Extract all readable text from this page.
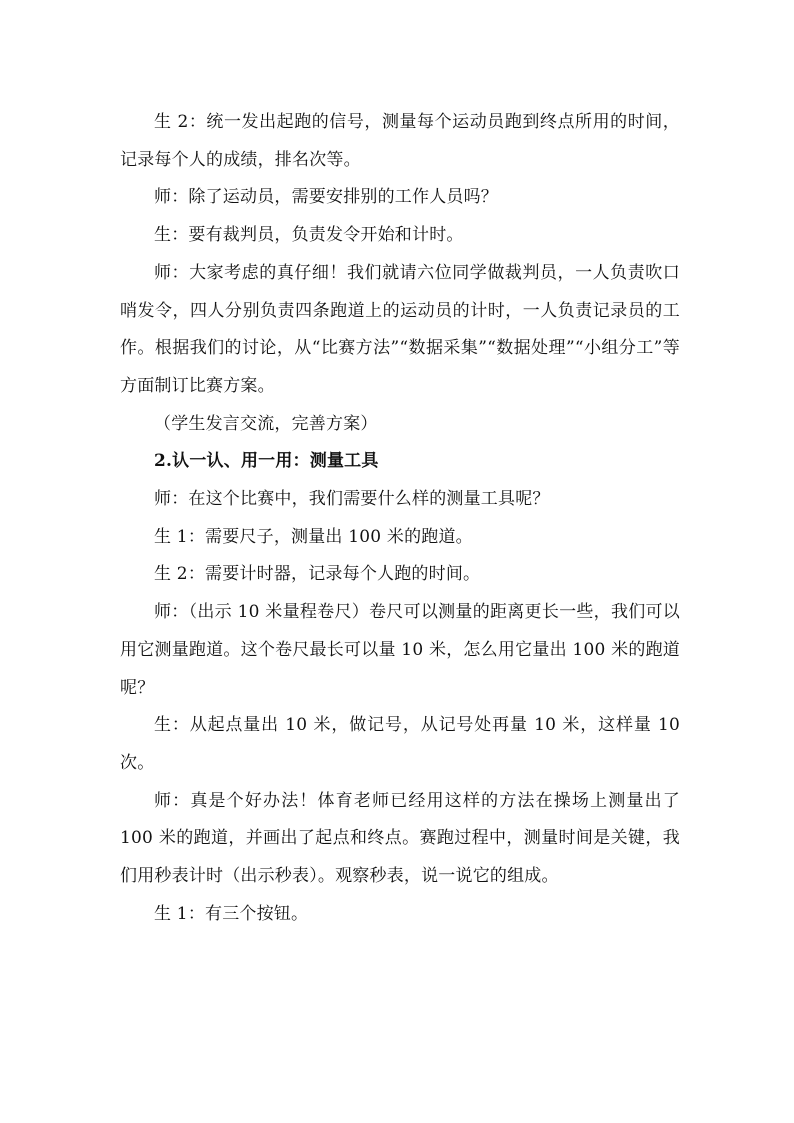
生 2：统一发出起跑的信号，测量每个运动员跑到终点所用的时间，记录每个人的成绩，排名次等。

师：除了运动员，需要安排别的工作人员吗？

生：要有裁判员，负责发令开始和计时。

师：大家考虑的真仔细！我们就请六位同学做裁判员，一人负责吹口哨发令，四人分别负责四条跑道上的运动员的计时，一人负责记录员的工作。根据我们的讨论，从“比赛方法”“数据采集”“数据处理”“小组分工”等方面制订比赛方案。

（学生发言交流，完善方案）

2.认一认、用一用：测量工具

师：在这个比赛中，我们需要什么样的测量工具呢？

生 1：需要尺子，测量出 100 米的跑道。

生 2：需要计时器，记录每个人跑的时间。

师：（出示 10 米量程卷尺）卷尺可以测量的距离更长一些，我们可以用它测量跑道。这个卷尺最长可以量 10 米，怎么用它量出 100 米的跑道呢？

生：从起点量出 10 米，做记号，从记号处再量 10 米，这样量 10 次。

师：真是个好办法！体育老师已经用这样的方法在操场上测量出了 100 米的跑道，并画出了起点和终点。赛跑过程中，测量时间是关键，我们用秒表计时（出示秒表）。观察秒表，说一说它的组成。

生 1：有三个按钮。
